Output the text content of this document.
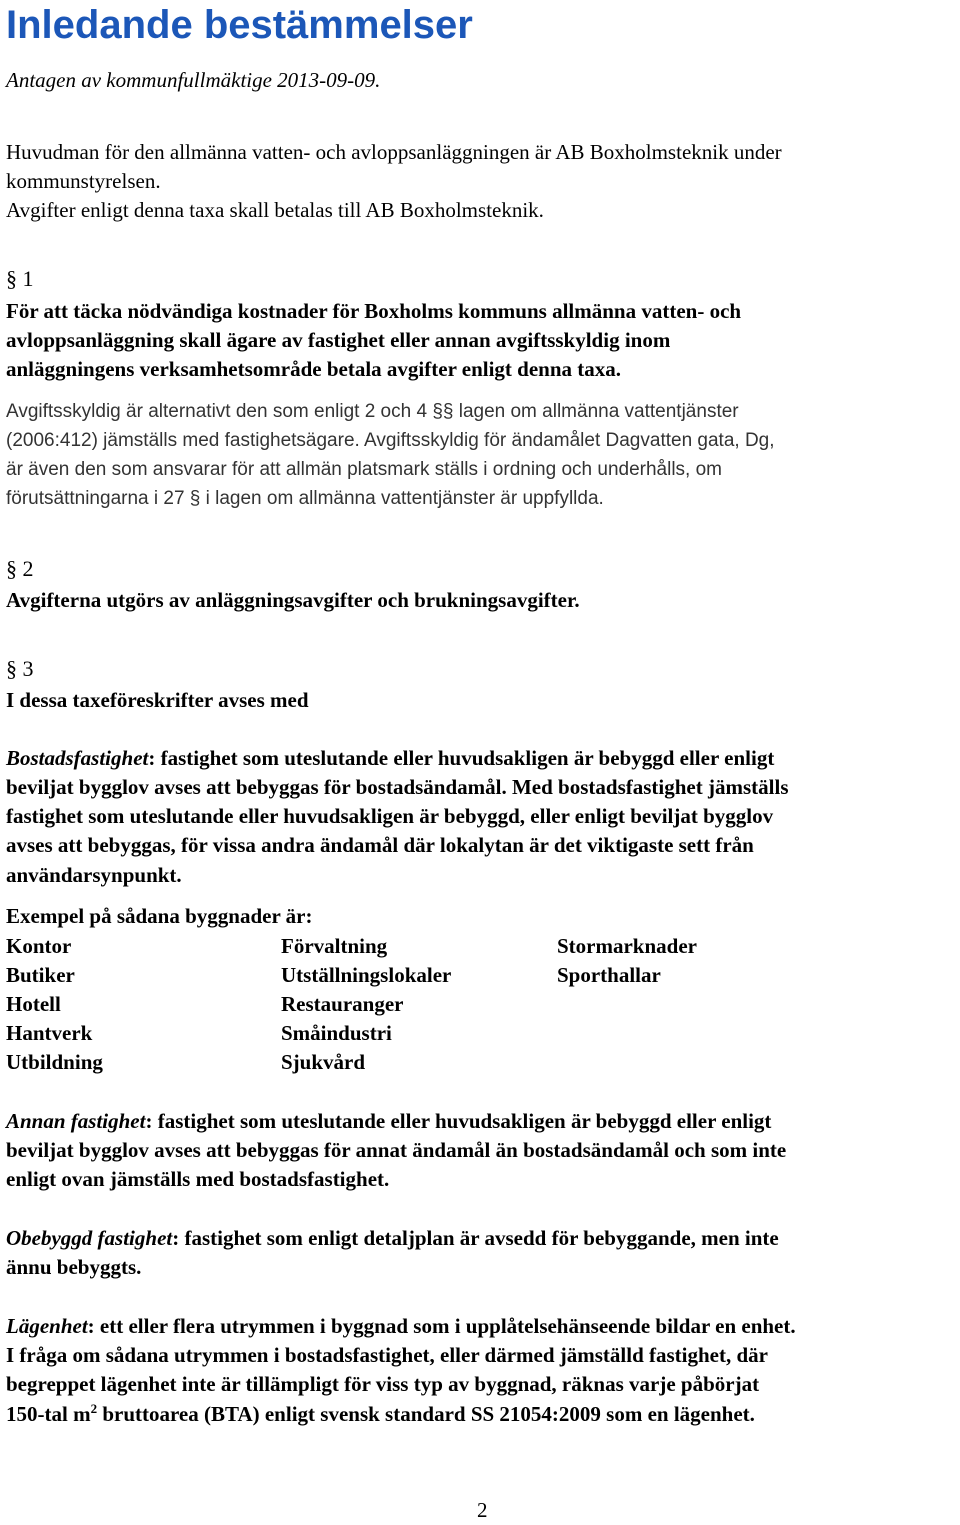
Inledande bestämmelser
Antagen av kommunfullmäktige 2013-09-09.
Huvudman för den allmänna vatten- och avloppsanläggningen är AB Boxholmsteknik under
kommunstyrelsen.
Avgifter enligt denna taxa skall betalas till AB Boxholmsteknik.
§ 1
För att täcka nödvändiga kostnader för Boxholms kommuns allmänna vatten- och
avloppsanläggning skall ägare av fastighet eller annan avgiftsskyldig inom
anläggningens verksamhetsområde betala avgifter enligt denna taxa.
Avgiftsskyldig är alternativt den som enligt 2 och 4 §§ lagen om allmänna vattentjänster
(2006:412) jämställs med fastighetsägare. Avgiftsskyldig för ändamålet Dagvatten gata, Dg,
är även den som ansvarar för att allmän platsmark ställs i ordning och underhålls, om
förutsättningarna i 27 § i lagen om allmänna vattentjänster är uppfyllda.
§ 2
Avgifterna utgörs av anläggningsavgifter och brukningsavgifter.
§ 3
I dessa taxeföreskrifter avses med
Bostadsfastighet: fastighet som uteslutande eller huvudsakligen är bebyggd eller enligt
beviljat bygglov avses att bebyggas för bostadsändamål. Med bostadsfastighet jämställs
fastighet som uteslutande eller huvudsakligen är bebyggd, eller enligt beviljat bygglov
avses att bebyggas, för vissa andra ändamål där lokalytan är det viktigaste sett från
användarsynpunkt.
Exempel på sådana byggnader är:
Kontor	Förvaltning	Stormarknader
Butiker	Utställningslokaler	Sporthallar
Hotell	Restauranger
Hantverk	Småindustri
Utbildning	Sjukvård
Annan fastighet: fastighet som uteslutande eller huvudsakligen är bebyggd eller enligt
beviljat bygglov avses att bebyggas för annat ändamål än bostadsändamål och som inte
enligt ovan jämställs med bostadsfastighet.
Obebyggd fastighet: fastighet som enligt detaljplan är avsedd för bebyggande, men inte
ännu bebyggts.
Lägenhet: ett eller flera utrymmen i byggnad som i upplåtelsehänseende bildar en enhet.
I fråga om sådana utrymmen i bostadsfastighet, eller därmed jämställd fastighet, där
begreppet lägenhet inte är tillämpligt för viss typ av byggnad, räknas varje påbörjat
150-tal $m^2$ bruttoarea (BTA) enligt svensk standard SS 21054:2009 som en lägenhet.
2
